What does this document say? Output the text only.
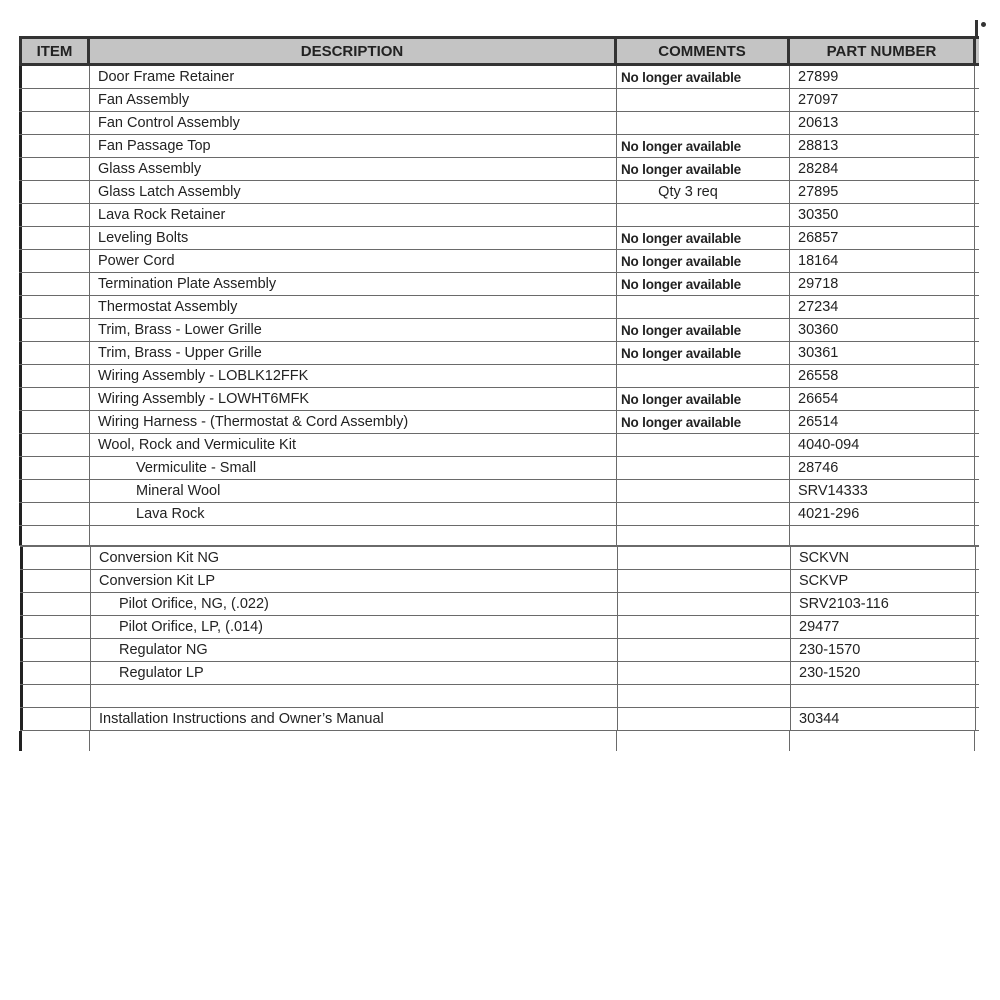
ITEM	DESCRIPTION	COMMENTS	PART NUMBER
Door Frame Retainer	No longer available	27899
Fan Assembly	27097
Fan Control Assembly	20613
Fan Passage Top	No longer available	28813
Glass Assembly	No longer available	28284
Glass Latch Assembly	Qty 3 req	27895
Lava Rock Retainer	30350
Leveling Bolts	No longer available	26857
Power Cord	No longer available	18164
Termination Plate Assembly	No longer available	29718
Thermostat Assembly	27234
Trim, Brass - Lower Grille	No longer available	30360
Trim, Brass - Upper Grille	No longer available	30361
Wiring Assembly - LOBLK12FFK	26558
Wiring Assembly - LOWHT6MFK	No longer available	26654
Wiring Harness - (Thermostat & Cord Assembly)	No longer available	26514
Wool, Rock and Vermiculite Kit	4040-094
Vermiculite - Small	28746
Mineral Wool	SRV14333
Lava Rock	4021-296
Conversion Kit NG	SCKVN
Conversion Kit LP	SCKVP
Pilot Orifice, NG, (.022)	SRV2103-116
Pilot Orifice, LP, (.014)	29477
Regulator NG	230-1570
Regulator LP	230-1520
Installation Instructions and Owner’s Manual	30344
